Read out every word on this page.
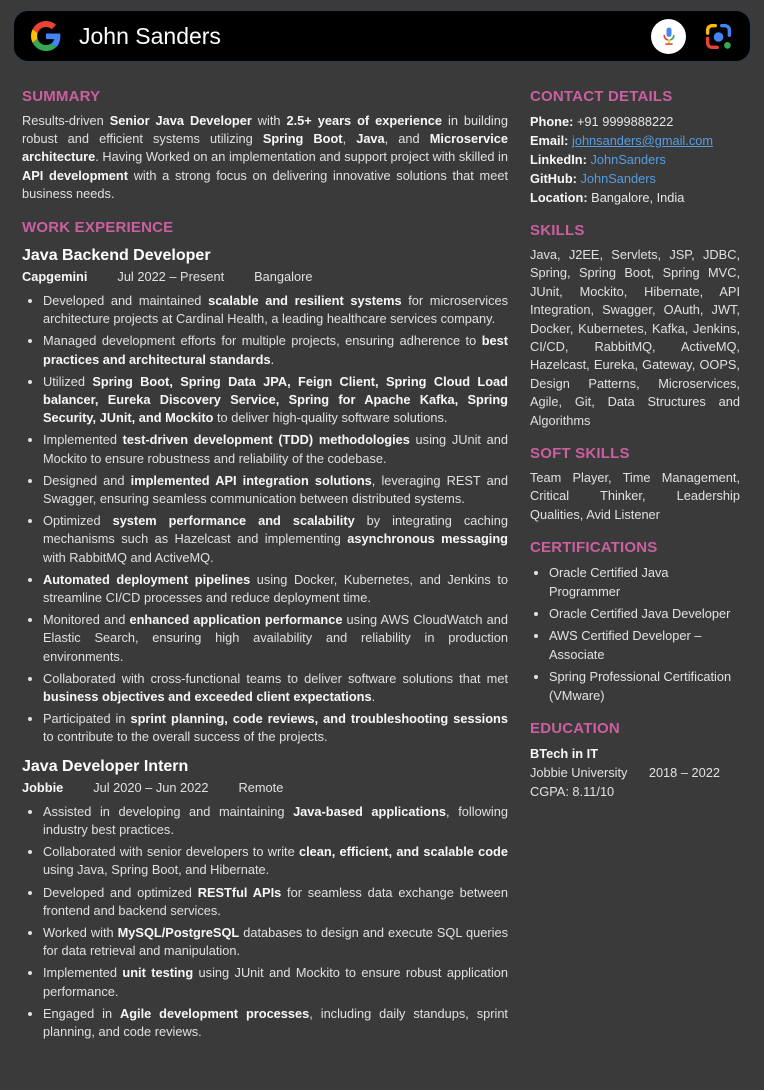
John Sanders
SUMMARY

Results-driven Senior Java Developer with 2.5+ years of experience in building robust and efficient systems utilizing Spring Boot, Java, and Microservice architecture. Having Worked on an implementation and support project with skilled in API development with a strong focus on delivering innovative solutions that meet business needs.

WORK EXPERIENCE
Java Backend Developer
Capgemini Jul 2022 – Present Bangalore
• Developed and maintained scalable and resilient systems for microservices architecture projects at Cardinal Health, a leading healthcare services company.
• Managed development efforts for multiple projects, ensuring adherence to best practices and architectural standards.
• Utilized Spring Boot, Spring Data JPA, Feign Client, Spring Cloud Load balancer, Eureka Discovery Service, Spring for Apache Kafka, Spring Security, JUnit, and Mockito to deliver high-quality software solutions.
• Implemented test-driven development (TDD) methodologies using JUnit and Mockito to ensure robustness and reliability of the codebase.
• Designed and implemented API integration solutions, leveraging REST and Swagger, ensuring seamless communication between distributed systems.
• Optimized system performance and scalability by integrating caching mechanisms such as Hazelcast and implementing asynchronous messaging with RabbitMQ and ActiveMQ.
• Automated deployment pipelines using Docker, Kubernetes, and Jenkins to streamline CI/CD processes and reduce deployment time.
• Monitored and enhanced application performance using AWS CloudWatch and Elastic Search, ensuring high availability and reliability in production environments.
• Collaborated with cross-functional teams to deliver software solutions that met business objectives and exceeded client expectations.
• Participated in sprint planning, code reviews, and troubleshooting sessions to contribute to the overall success of the projects.
Java Developer Intern
Jobbie Jul 2020 – Jun 2022 Remote
• Assisted in developing and maintaining Java-based applications, following industry best practices.
• Collaborated with senior developers to write clean, efficient, and scalable code using Java, Spring Boot, and Hibernate.
• Developed and optimized RESTful APIs for seamless data exchange between frontend and backend services.
• Worked with MySQL/PostgreSQL databases to design and execute SQL queries for data retrieval and manipulation.
• Implemented unit testing using JUnit and Mockito to ensure robust application performance.
• Engaged in Agile development processes, including daily standups, sprint planning, and code reviews.
CONTACT DETAILS
Phone : +91 9999888222
Email : johnsanders@gmail.com
LinkedIn : JohnSanders
GitHub : JohnSanders
Location : Bangalore, India
SKILLS

Java, J2EE, Servlets, JSP, JDBC, Spring, Spring Boot, Spring MVC, JUnit, Mockito, Hibernate, API Integration, Swagger, OAuth, JWT, Docker, Kubernetes, Kafka, Jenkins, CI/CD, RabbitMQ, ActiveMQ, Hazelcast, Eureka, Gateway, OOPS, Design Patterns, Microservices, Agile, Git, Data Structures and Algorithms

SOFT SKILLS

Team Player, Time Management, Critical Thinker, Leadership Qualities, Avid Listener

CERTIFICATIONS
• Oracle Certified Java Programmer
• Oracle Certified Java Developer
• AWS Certified Developer – Associate
• Spring Professional Certification (VMware)
EDUCATION
BTech in IT
Jobbie University 2018 – 2022
CGPA: 8.11/10
